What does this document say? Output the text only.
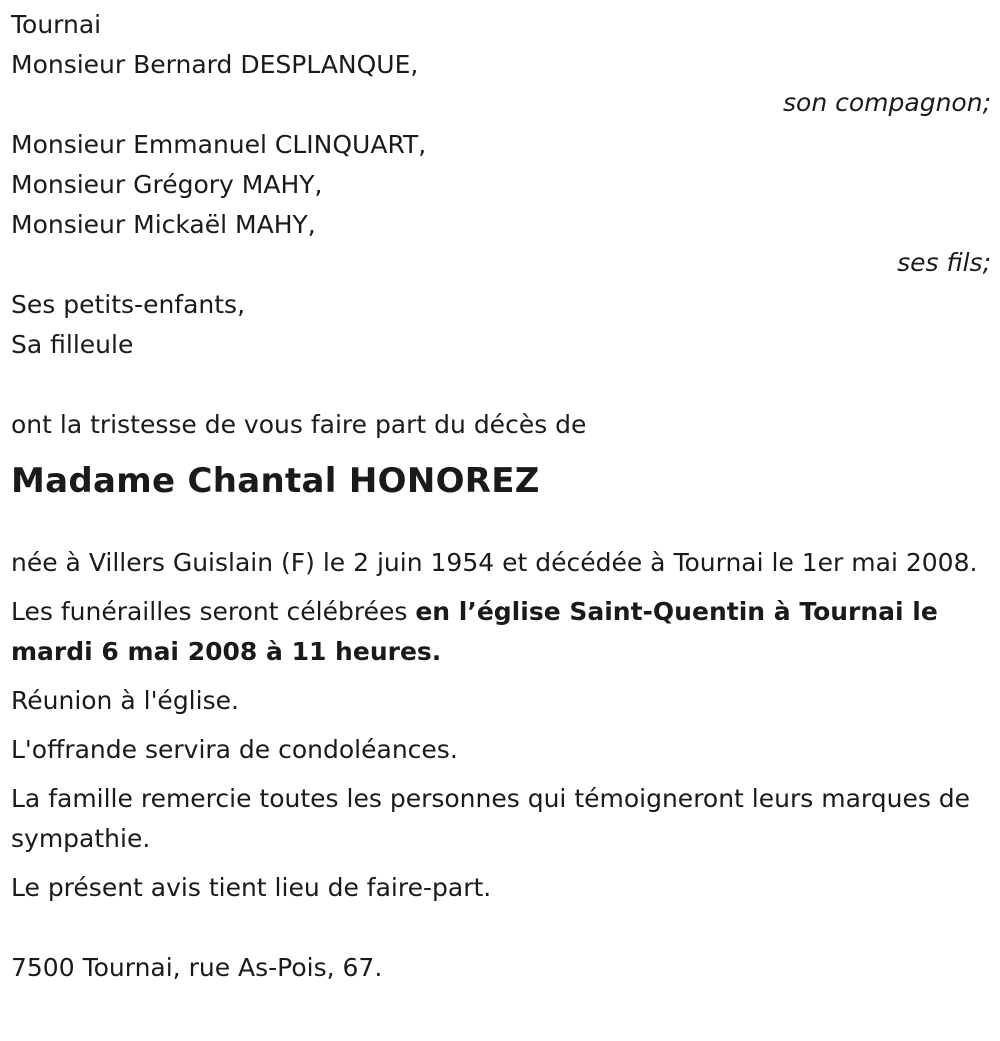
Tournai
Monsieur Bernard DESPLANQUE,
son compagnon;
Monsieur Emmanuel CLINQUART,
Monsieur Grégory MAHY,
Monsieur Mickaël MAHY,
ses fils;
Ses petits-enfants,
Sa filleule
ont la tristesse de vous faire part du décès de
Madame Chantal HONOREZ
née à Villers Guislain (F) le 2 juin 1954 et décédée à Tournai le 1er mai 2008.
Les funérailles seront célébrées en l’église Saint-Quentin à Tournai le mardi 6 mai 2008 à 11 heures.
Réunion à l'église.
L'offrande servira de condoléances.
La famille remercie toutes les personnes qui témoigneront leurs marques de sympathie.
Le présent avis tient lieu de faire-part.
7500 Tournai, rue As-Pois, 67.
